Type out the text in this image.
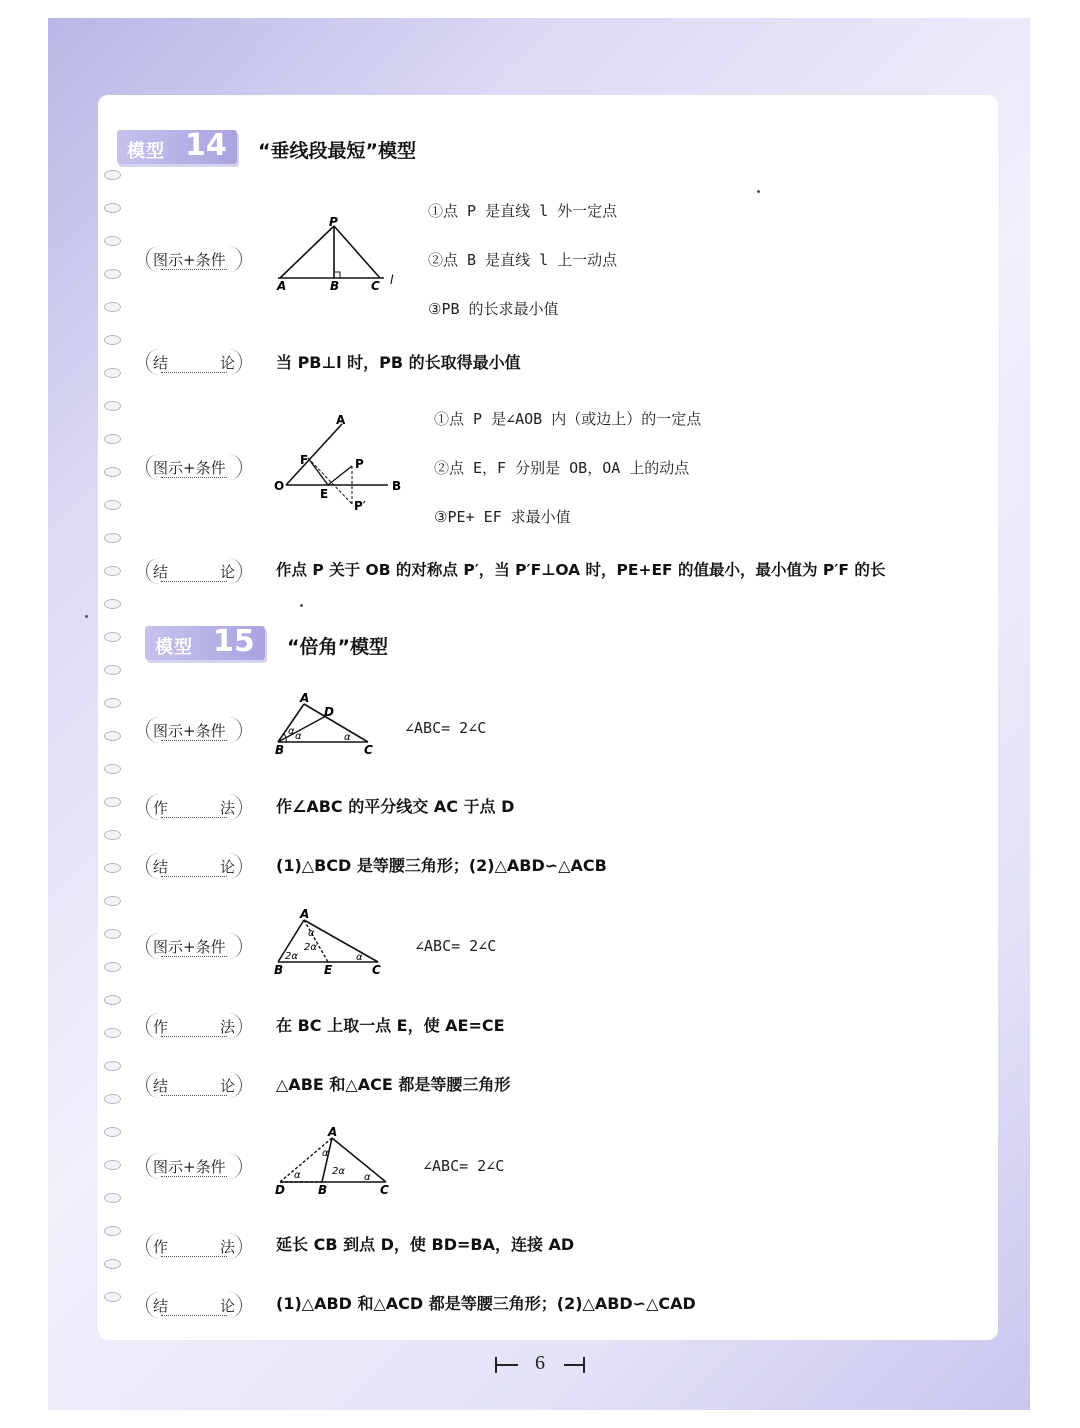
模型 14 “垂线段最短”模型
图示+条件
P
A	B	C l
①点 P 是直线 l 外一定点
②点 B 是直线 l 上一动点
③PB 的长求最小值
结	论	当 PB⊥l 时，PB 的长取得最小值
图示+条件
A
F	P
O
E
B
P′
①点 P 是∠AOB 内（或边上）的一定点
②点 E，F 分别是 OB，OA 上的动点
③PE+ EF 求最小值
结	论	作点 P 关于 OB 的对称点 P′，当 P′F⊥OA 时，PE+EF 的值最小，最小值为 P′F 的长
模型 15 “倍角”模型
图示+条件
A
D
B	C
α α	α
∠ABC= 2∠C
作	法	作∠ABC 的平分线交 AC 于点 D
结	论	(1)△BCD 是等腰三角形；(2)△ABD∽△ACB
图示+条件
A
B	E	C
α
2α
2α	α
∠ABC= 2∠C
作	法	在 BC 上取一点 E，使 AE=CE
结	论	△ABE 和△ACE 都是等腰三角形
图示+条件
A
D	B	C
α
α
2α
α
∠ABC= 2∠C
作	法	延长 CB 到点 D，使 BD=BA，连接 AD
结	论	(1)△ABD 和△ACD 都是等腰三角形；(2)△ABD∽△CAD
6
